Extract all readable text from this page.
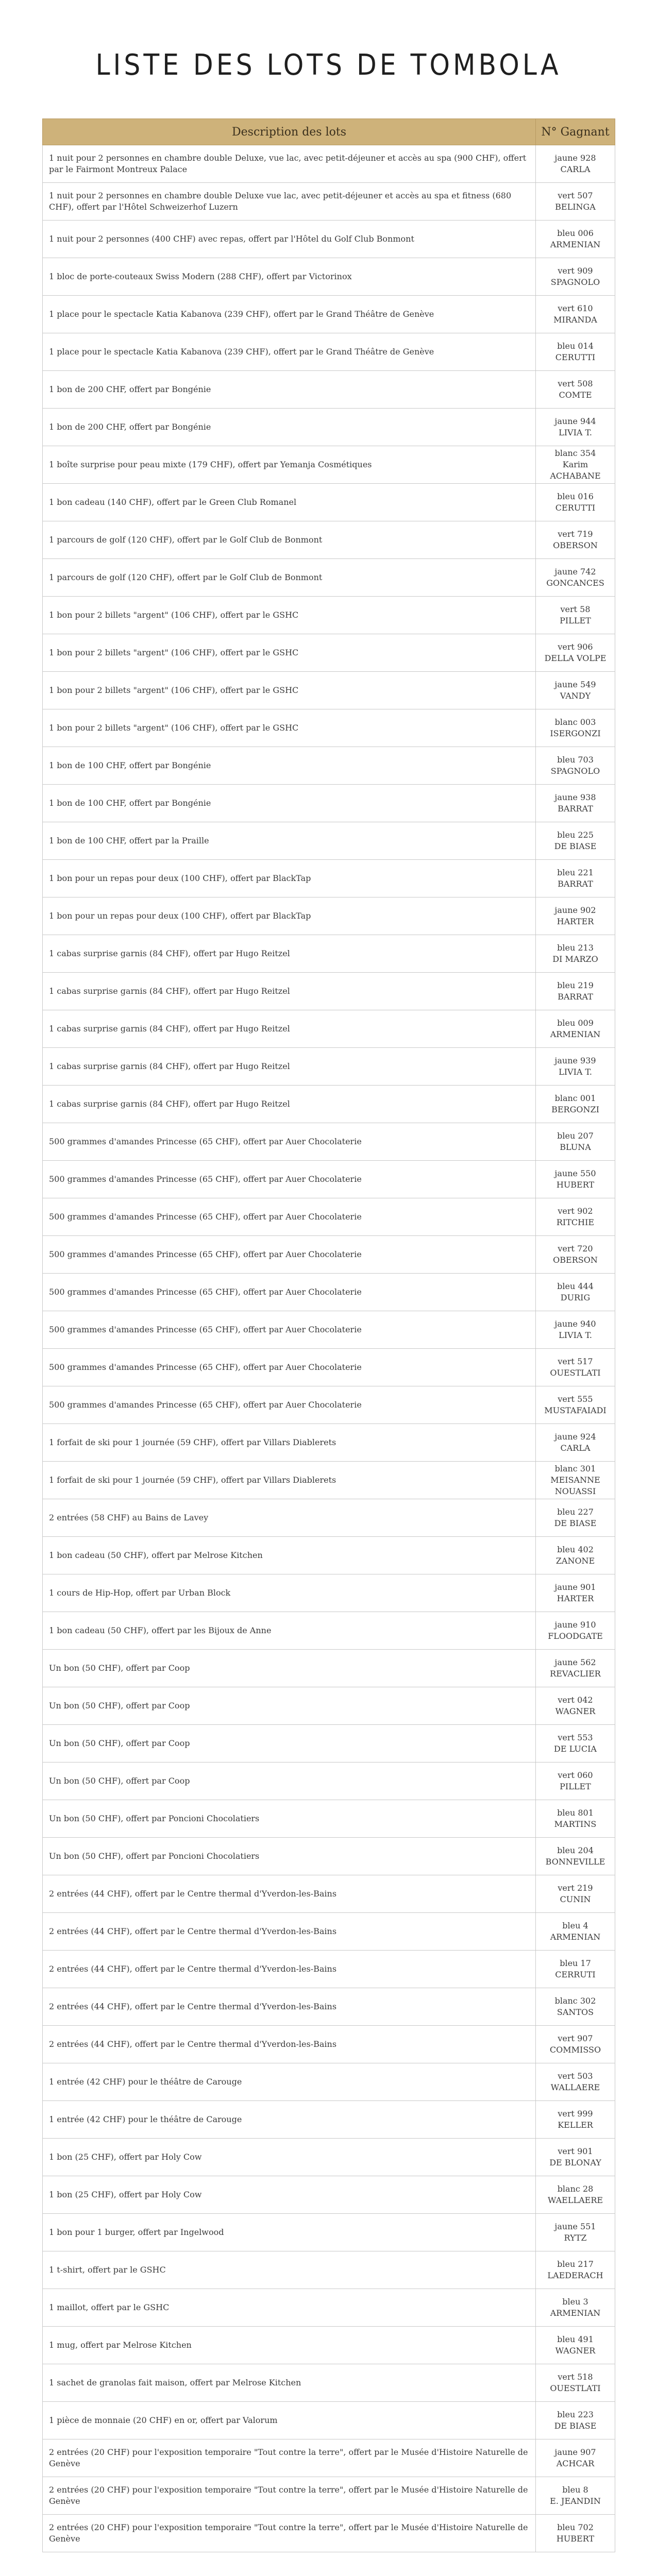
LISTE DES LOTS DE TOMBOLA
Description des lots	N° Gagnant
1 nuit pour 2 personnes en chambre double Deluxe, vue lac, avec petit-déjeuner et accès au spa (900 CHF), offert par le Fairmont Montreux Palace	jaune 928
CARLA

1 nuit pour 2 personnes en chambre double Deluxe vue lac, avec petit-déjeuner et accès au spa et fitness (680 CHF), offert par l'Hôtel Schweizerhof Luzern	vert 507
BELINGA

1 nuit pour 2 personnes (400 CHF) avec repas, offert par l'Hôtel du Golf Club Bonmont	bleu 006
ARMENIAN

1 bloc de porte-couteaux Swiss Modern (288 CHF), offert par Victorinox	vert 909
SPAGNOLO

1 place pour le spectacle Katia Kabanova (239 CHF), offert par le Grand Théâtre de Genève	vert 610
MIRANDA

1 place pour le spectacle Katia Kabanova (239 CHF), offert par le Grand Théâtre de Genève	bleu 014
CERUTTI

1 bon de 200 CHF, offert par Bongénie	vert 508
COMTE

1 bon de 200 CHF, offert par Bongénie	jaune 944
LIVIA T.

1 boîte surprise pour peau mixte (179 CHF), offert par Yemanja Cosmétiques	blanc 354
Karim ACHABANE

1 bon cadeau (140 CHF), offert par le Green Club Romanel	bleu 016
CERUTTI

1 parcours de golf (120 CHF), offert par le Golf Club de Bonmont	vert 719
OBERSON

1 parcours de golf (120 CHF), offert par le Golf Club de Bonmont	jaune 742
GONCANCES

1 bon pour 2 billets "argent" (106 CHF), offert par le GSHC	vert 58
PILLET

1 bon pour 2 billets "argent" (106 CHF), offert par le GSHC	vert 906
DELLA VOLPE

1 bon pour 2 billets "argent" (106 CHF), offert par le GSHC	jaune 549
VANDY

1 bon pour 2 billets "argent" (106 CHF), offert par le GSHC	blanc 003
ISERGONZI

1 bon de 100 CHF, offert par Bongénie	bleu 703
SPAGNOLO

1 bon de 100 CHF, offert par Bongénie	jaune 938
BARRAT

1 bon de 100 CHF, offert par la Praille	bleu 225
DE BIASE

1 bon pour un repas pour deux (100 CHF), offert par BlackTap	bleu 221
BARRAT

1 bon pour un repas pour deux (100 CHF), offert par BlackTap	jaune 902
HARTER

1 cabas surprise garnis (84 CHF), offert par Hugo Reitzel	bleu 213
DI MARZO

1 cabas surprise garnis (84 CHF), offert par Hugo Reitzel	bleu 219
BARRAT

1 cabas surprise garnis (84 CHF), offert par Hugo Reitzel	bleu 009
ARMENIAN

1 cabas surprise garnis (84 CHF), offert par Hugo Reitzel	jaune 939
LIVIA T.

1 cabas surprise garnis (84 CHF), offert par Hugo Reitzel	blanc 001
BERGONZI

500 grammes d'amandes Princesse (65 CHF), offert par Auer Chocolaterie	bleu 207
BLUNA

500 grammes d'amandes Princesse (65 CHF), offert par Auer Chocolaterie	jaune 550
HUBERT

500 grammes d'amandes Princesse (65 CHF), offert par Auer Chocolaterie	vert 902
RITCHIE

500 grammes d'amandes Princesse (65 CHF), offert par Auer Chocolaterie	vert 720
OBERSON

500 grammes d'amandes Princesse (65 CHF), offert par Auer Chocolaterie	bleu 444
DURIG

500 grammes d'amandes Princesse (65 CHF), offert par Auer Chocolaterie	jaune 940
LIVIA T.

500 grammes d'amandes Princesse (65 CHF), offert par Auer Chocolaterie	vert 517
OUESTLATI

500 grammes d'amandes Princesse (65 CHF), offert par Auer Chocolaterie	vert 555
MUSTAFAIADI

1 forfait de ski pour 1 journée (59 CHF), offert par Villars Diablerets	jaune 924
CARLA

1 forfait de ski pour 1 journée (59 CHF), offert par Villars Diablerets	blanc 301
MEISANNE NOUASSI

2 entrées (58 CHF) au Bains de Lavey	bleu 227
DE BIASE

1 bon cadeau (50 CHF), offert par Melrose Kitchen	bleu 402
ZANONE

1 cours de Hip-Hop, offert par Urban Block	jaune 901
HARTER

1 bon cadeau (50 CHF), offert par les Bijoux de Anne	jaune 910
FLOODGATE

Un bon (50 CHF), offert par Coop	jaune 562
REVACLIER

Un bon (50 CHF), offert par Coop	vert 042
WAGNER

Un bon (50 CHF), offert par Coop	vert 553
DE LUCIA

Un bon (50 CHF), offert par Coop	vert 060
PILLET

Un bon (50 CHF), offert par Poncioni Chocolatiers	bleu 801
MARTINS

Un bon (50 CHF), offert par Poncioni Chocolatiers	bleu 204
BONNEVILLE

2 entrées (44 CHF), offert par le Centre thermal d'Yverdon-les-Bains	vert 219
CUNIN

2 entrées (44 CHF), offert par le Centre thermal d'Yverdon-les-Bains	bleu 4
ARMENIAN

2 entrées (44 CHF), offert par le Centre thermal d'Yverdon-les-Bains	bleu 17
CERRUTI

2 entrées (44 CHF), offert par le Centre thermal d'Yverdon-les-Bains	blanc 302
SANTOS

2 entrées (44 CHF), offert par le Centre thermal d'Yverdon-les-Bains	vert 907
COMMISSO

1 entrée (42 CHF) pour le théâtre de Carouge	vert 503
WALLAERE

1 entrée (42 CHF) pour le théâtre de Carouge	vert 999
KELLER

1 bon (25 CHF), offert par Holy Cow	vert 901
DE BLONAY

1 bon (25 CHF), offert par Holy Cow	blanc 28
WAELLAERE

1 bon pour 1 burger, offert par Ingelwood	jaune 551
RYTZ

1 t-shirt, offert par le GSHC	bleu 217
LAEDERACH

1 maillot, offert par le GSHC	bleu 3
ARMENIAN

1 mug, offert par Melrose Kitchen	bleu 491
WAGNER

1 sachet de granolas fait maison, offert par Melrose Kitchen	vert 518
OUESTLATI

1 pièce de monnaie (20 CHF) en or, offert par Valorum	bleu 223
DE BIASE

2 entrées (20 CHF) pour l'exposition temporaire "Tout contre la terre", offert par le Musée d'Histoire Naturelle de Genève	jaune 907
ACHCAR

2 entrées (20 CHF) pour l'exposition temporaire "Tout contre la terre", offert par le Musée d'Histoire Naturelle de Genève	bleu 8
E. JEANDIN

2 entrées (20 CHF) pour l'exposition temporaire "Tout contre la terre", offert par le Musée d'Histoire Naturelle de Genève	bleu 702
HUBERT
